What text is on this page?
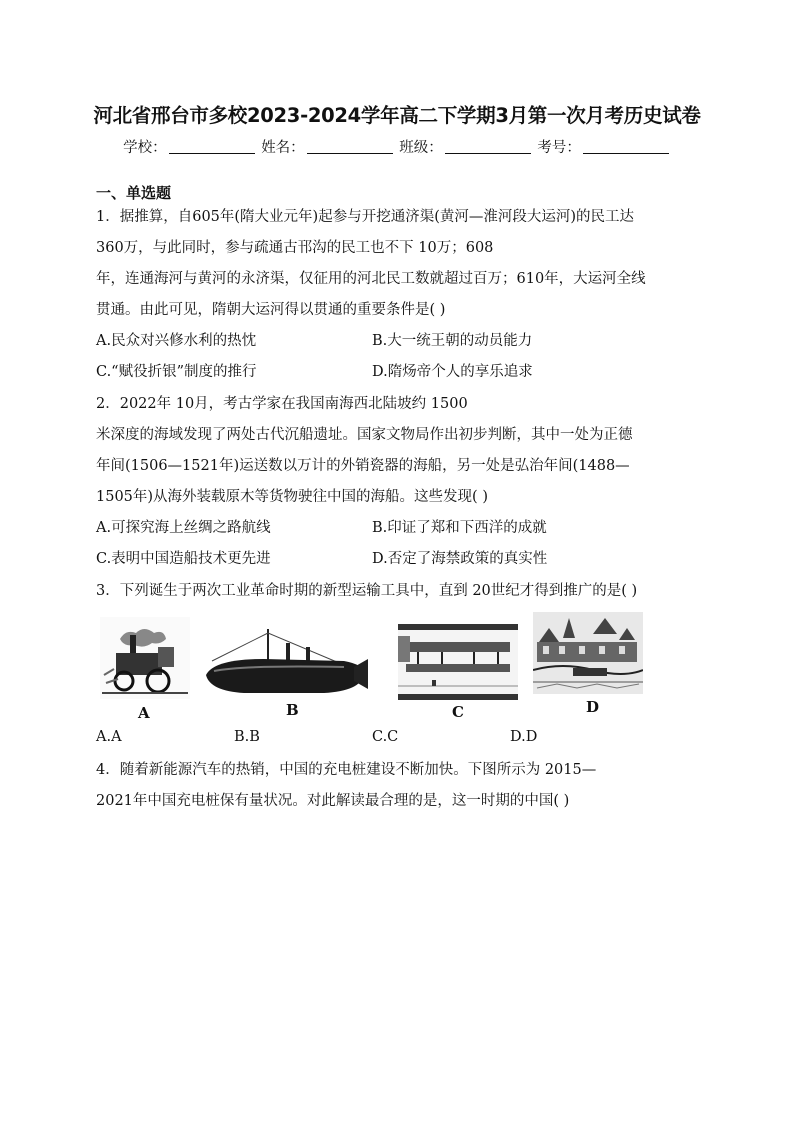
河北省邢台市多校2023-2024学年高二下学期3月第一次月考历史试卷
学校：	姓名：	班级：	考号：
一、单选题
1．据推算，自605年(隋大业元年)起参与开挖通济渠(黄河—淮河段大运河)的民工达
360万，与此同时，参与疏通古邗沟的民工也不下 10万；608
年，连通海河与黄河的永济渠，仅征用的河北民工数就超过百万；610年，大运河全线
贯通。由此可见，隋朝大运河得以贯通的重要条件是( )
A.民众对兴修水利的热忱	B.大一统王朝的动员能力
C.“赋役折银”制度的推行	D.隋炀帝个人的享乐追求
2．2022年 10月，考古学家在我国南海西北陆坡约 1500
米深度的海域发现了两处古代沉船遗址。国家文物局作出初步判断，其中一处为正德
年间(1506—1521年)运送数以万计的外销瓷器的海船，另一处是弘治年间(1488—
1505年)从海外装载原木等货物驶往中国的海船。这些发现( )
A.可探究海上丝绸之路航线	B.印证了郑和下西洋的成就
C.表明中国造船技术更先进	D.否定了海禁政策的真实性
3．下列诞生于两次工业革命时期的新型运输工具中，直到 20世纪才得到推广的是( )
A	B	C	D
A.A	B.B	C.C	D.D
4．随着新能源汽车的热销，中国的充电桩建设不断加快。下图所示为 2015—
2021年中国充电桩保有量状况。对此解读最合理的是，这一时期的中国( )
